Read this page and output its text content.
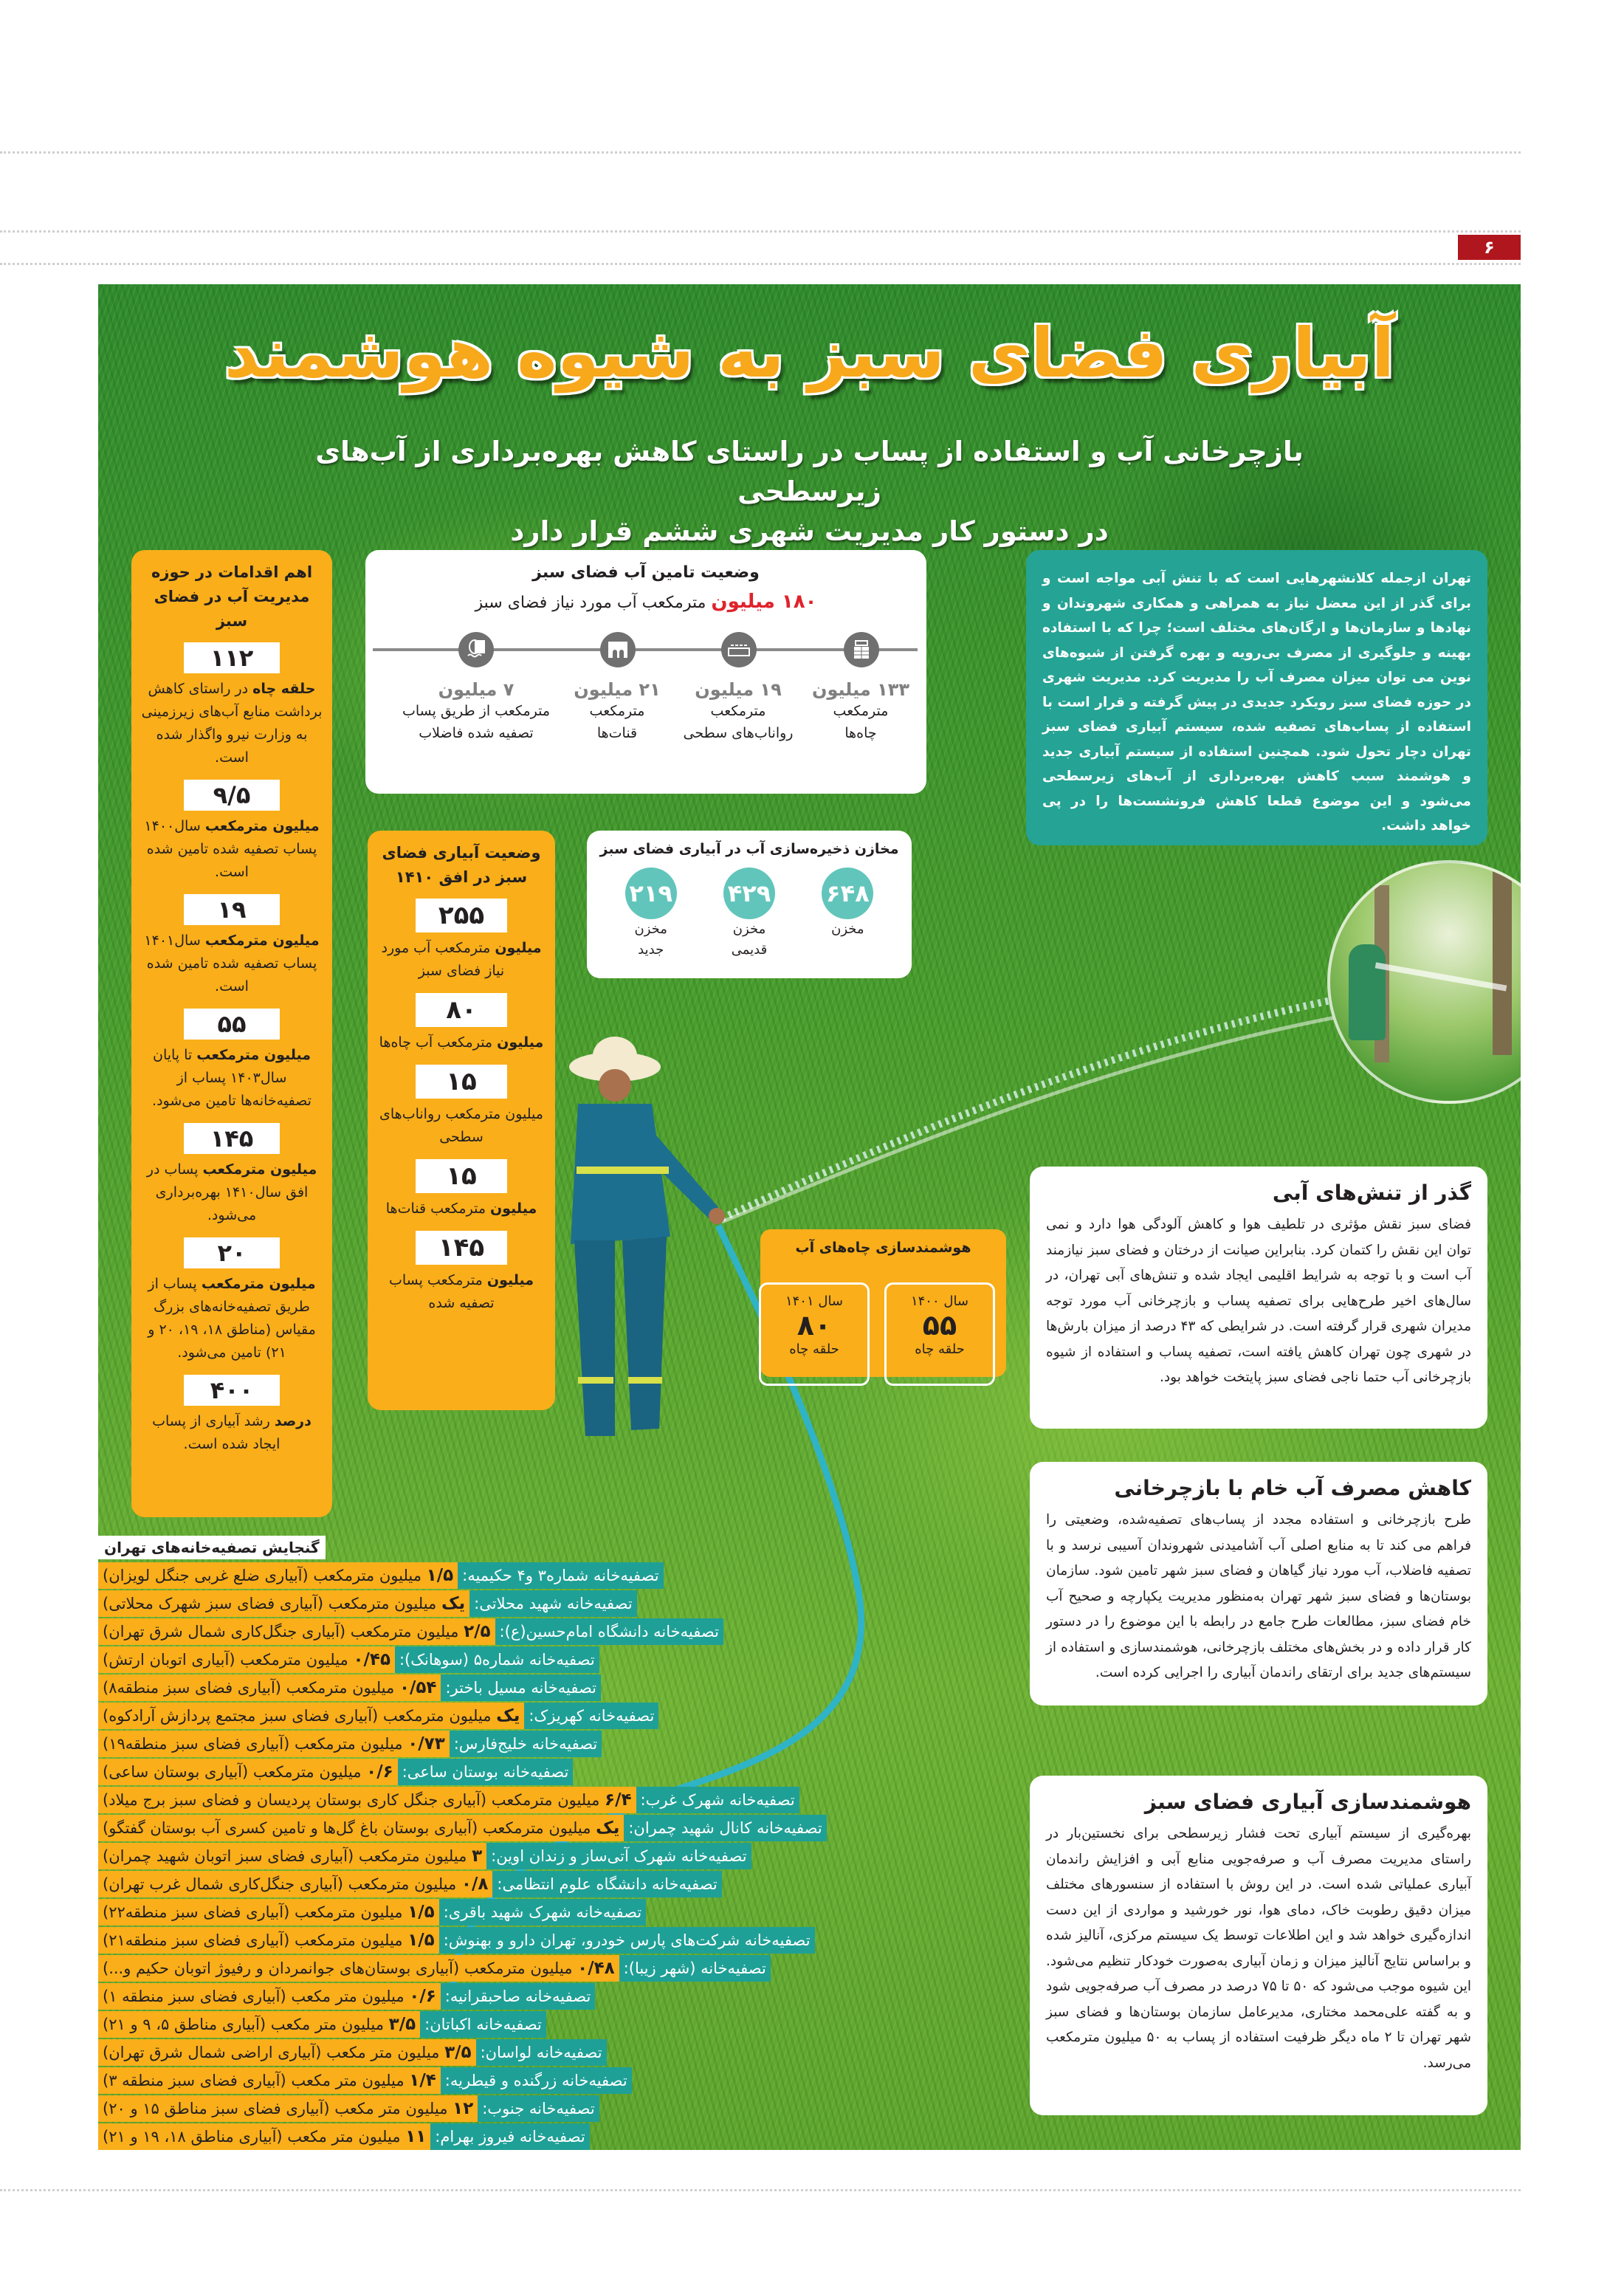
۶
آبیاری فضای سبز به شیوه هوشمند
بازچرخانی آب و استفاده از پساب در راستای کاهش بهره‌برداری از آب‌های زیرسطحی
در دستور کار مدیریت شهری ششم قرار دارد
تهران ازجمله کلانشهرهایی است که با تنش آبی مواجه است و برای گذر از این معضل نیاز به همراهی و همکاری شهروندان و نهادها و سازمان‌ها و ارگان‌های مختلف است؛ چرا که با استفاده بهینه و جلوگیری از مصرف بی‌رویه و بهره گرفتن از شیوه‌های نوین می توان میزان مصرف آب را مدیریت کرد. مدیریت شهری در حوزه فضای سبز رویکرد جدیدی در پیش گرفته و قرار است با استفاده از پساب‌های تصفیه شده، سیستم آبیاری فضای سبز تهران دچار تحول شود. همچنین استفاده از سیستم آبیاری جدید و هوشمند سبب کاهش بهره‌برداری از آب‌های زیرسطحی می‌شود و این موضوع قطعا کاهش فرونشست‌ها را در پی خواهد داشت.
وضعیت تامین آب فضای سبز
۱۸۰ میلیون مترمکعب آب مورد نیاز فضای سبز
۱۳۳ میلیون
مترمکعب
چاه‌ها
۱۹ میلیون
مترمکعب
رواناب‌های سطحی
۲۱ میلیون
مترمکعب
قنات‌ها
۷ میلیون
مترمکعب از طریق پساب
تصفیه شده فاضلاب
اهم اقدامات در حوزه مدیریت آب در فضای سبز
۱۱۲
حلقه چاه در راستای کاهش برداشت منابع آب‌های زیرزمینی به وزارت نیرو واگذار شده است.
۹/۵
میلیون مترمکعب سال۱۴۰۰ پساب تصفیه شده تامین شده است.
۱۹
میلیون مترمکعب سال۱۴۰۱ پساب تصفیه شده تامین شده است.
۵۵
میلیون مترمکعب تا پایان سال۱۴۰۳ پساب از تصفیه‌خانه‌ها تامین می‌شود.
۱۴۵
میلیون مترمکعب پساب در افق سال۱۴۱۰ بهره‌برداری می‌شود.
۲۰
میلیون مترمکعب پساب از طریق تصفیه‌خانه‌های بزرگ مقیاس (مناطق ۱۸، ۱۹، ۲۰ و ۲۱) تامین می‌شود.
۴۰۰
درصد رشد آبیاری از پساب ایجاد شده است.
وضعیت آبیاری فضای سبز در افق ۱۴۱۰
۲۵۵
میلیون مترمکعب آب مورد نیاز فضای سبز
۸۰
میلیون مترمکعب آب چاه‌ها
۱۵
میلیون مترمکعب رواناب‌های سطحی
۱۵
میلیون مترمکعب قنات‌ها
۱۴۵
میلیون مترمکعب پساب تصفیه شده
مخازن ذخیره‌سازی آب در آبیاری فضای سبز
۶۴۸
مخزن
۴۲۹
مخزن
قدیمی
۲۱۹
مخزن
جدید
هوشمندسازی چاه‌های آب
سال ۱۴۰۰
۵۵
حلقه چاه
سال ۱۴۰۱
۸۰
حلقه چاه
گذر از تنش‌های آبی
فضای سبز نقش مؤثری در تلطیف هوا و کاهش آلودگی هوا دارد و نمی توان این نقش را کتمان کرد. بنابراین صیانت از درختان و فضای سبز نیازمند آب است و با توجه به شرایط اقلیمی ایجاد شده و تنش‌های آبی تهران، در سال‌های اخیر طرح‌هایی برای تصفیه پساب و بازچرخانی آب مورد توجه مدیران شهری قرار گرفته است. در شرایطی که ۴۳ درصد از میزان بارش‌ها در شهری چون تهران کاهش یافته است، تصفیه پساب و استفاده از شیوه بازچرخانی آب حتما ناجی فضای سبز پایتخت خواهد بود.
کاهش مصرف آب خام با بازچرخانی
طرح بازچرخانی و استفاده مجدد از پساب‌های تصفیه‌شده، وضعیتی را فراهم می کند تا به منابع اصلی آب آشامیدنی شهروندان آسیبی نرسد و با تصفیه فاضلاب، آب مورد نیاز گیاهان و فضای سبز شهر تامین شود. سازمان بوستان‌ها و فضای سبز شهر تهران به‌منظور مدیریت یکپارچه و صحیح آب خام فضای سبز، مطالعات طرح جامع در رابطه با این موضوع را در دستور کار قرار داده و در بخش‌های مختلف بازچرخانی، هوشمندسازی و استفاده از سیستم‌های جدید برای ارتقای راندمان آبیاری را اجرایی کرده است.
هوشمندسازی آبیاری فضای سبز
بهره‌گیری از سیستم آبیاری تحت فشار زیرسطحی برای نخستین‌بار در راستای مدیریت مصرف آب و صرفه‌جویی منابع آبی و افزایش راندمان آبیاری عملیاتی شده است. در این روش با استفاده از سنسورهای مختلف میزان دقیق رطوبت خاک، دمای هوا، نور خورشید و مواردی از این دست اندازه‌گیری خواهد شد و این اطلاعات توسط یک سیستم مرکزی، آنالیز شده و براساس نتایج آنالیز میزان و زمان آبیاری به‌صورت خودکار تنظیم می‌شود. این شیوه موجب می‌شود که ۵۰ تا ۷۵ درصد در مصرف آب صرفه‌جویی شود و به گفته علی‌محمد مختاری، مدیرعامل سازمان بوستان‌ها و فضای سبز شهر تهران تا ۲ ماه دیگر ظرفیت استفاده از پساب به ۵۰ میلیون مترمکعب می‌رسد.
گنجایش تصفیه‌خانه‌های تهران
تصفیه‌خانه شماره۳ و۴ حکیمیه:
۱/۵ میلیون مترمکعب (آبیاری ضلع غربی جنگل لویزان)
تصفیه‌خانه شهید محلاتی:
یک میلیون مترمکعب (آبیاری فضای سبز شهرک محلاتی)
تصفیه‌خانه دانشگاه امام‌حسین(ع):
۲/۵ میلیون مترمکعب (آبیاری جنگل‌کاری شمال شرق تهران)
تصفیه‌خانه شماره۵ (سوهانک):
۰/۴۵ میلیون مترمکعب (آبیاری اتوبان ارتش)
تصفیه‌خانه مسیل باختر:
۰/۵۴ میلیون مترمکعب (آبیاری فضای سبز منطقه۸)
تصفیه‌خانه کهریزک:
یک میلیون مترمکعب (آبیاری فضای سبز مجتمع پردازش آرادکوه)
تصفیه‌خانه خلیج‌فارس:
۰/۷۳ میلیون مترمکعب (آبیاری فضای سبز منطقه۱۹)
تصفیه‌خانه بوستان ساعی:
۰/۶ میلیون مترمکعب (آبیاری بوستان ساعی)
تصفیه‌خانه شهرک غرب:
۶/۴ میلیون مترمکعب (آبیاری جنگل کاری بوستان پردیسان و فضای سبز برج میلاد)
تصفیه‌خانه کانال شهید چمران:
یک میلیون مترمکعب (آبیاری بوستان باغ گل‌ها و تامین کسری آب بوستان گفتگو)
تصفیه‌خانه شهرک آتی‌ساز و زندان اوین:
۳ میلیون مترمکعب (آبیاری فضای سبز اتوبان شهید چمران)
تصفیه‌خانه دانشگاه علوم انتظامی:
۰/۸ میلیون مترمکعب (آبیاری جنگل‌کاری شمال غرب تهران)
تصفیه‌خانه شهرک شهید باقری:
۱/۵ میلیون مترمکعب (آبیاری فضای سبز منطقه۲۲)
تصفیه‌خانه شرکت‌های پارس خودرو، تهران دارو و بهنوش:
۱/۵ میلیون مترمکعب (آبیاری فضای سبز منطقه۲۱)
تصفیه‌خانه (شهر زیبا):
۰/۴۸ میلیون مترمکعب (آبیاری بوستان‌های جوانمردان و رفیوژ اتوبان حکیم و...)
تصفیه‌خانه صاحبقرانیه:
۰/۶ میلیون متر مکعب (آبیاری فضای سبز منطقه ۱)
تصفیه‌خانه اکباتان:
۳/۵ میلیون متر مکعب (آبیاری مناطق ۵، ۹ و ۲۱)
تصفیه‌خانه لواسان:
۳/۵ میلیون متر مکعب (آبیاری اراضی شمال شرق تهران)
تصفیه‌خانه زرگنده و قیطریه:
۱/۴ میلیون متر مکعب (آبیاری فضای سبز منطقه ۳)
تصفیه‌خانه جنوب:
۱۲ میلیون متر مکعب (آبیاری فضای سبز مناطق ۱۵ و ۲۰)
تصفیه‌خانه فیروز بهرام:
۱۱ میلیون متر مکعب (آبیاری مناطق ۱۸، ۱۹ و ۲۱)
